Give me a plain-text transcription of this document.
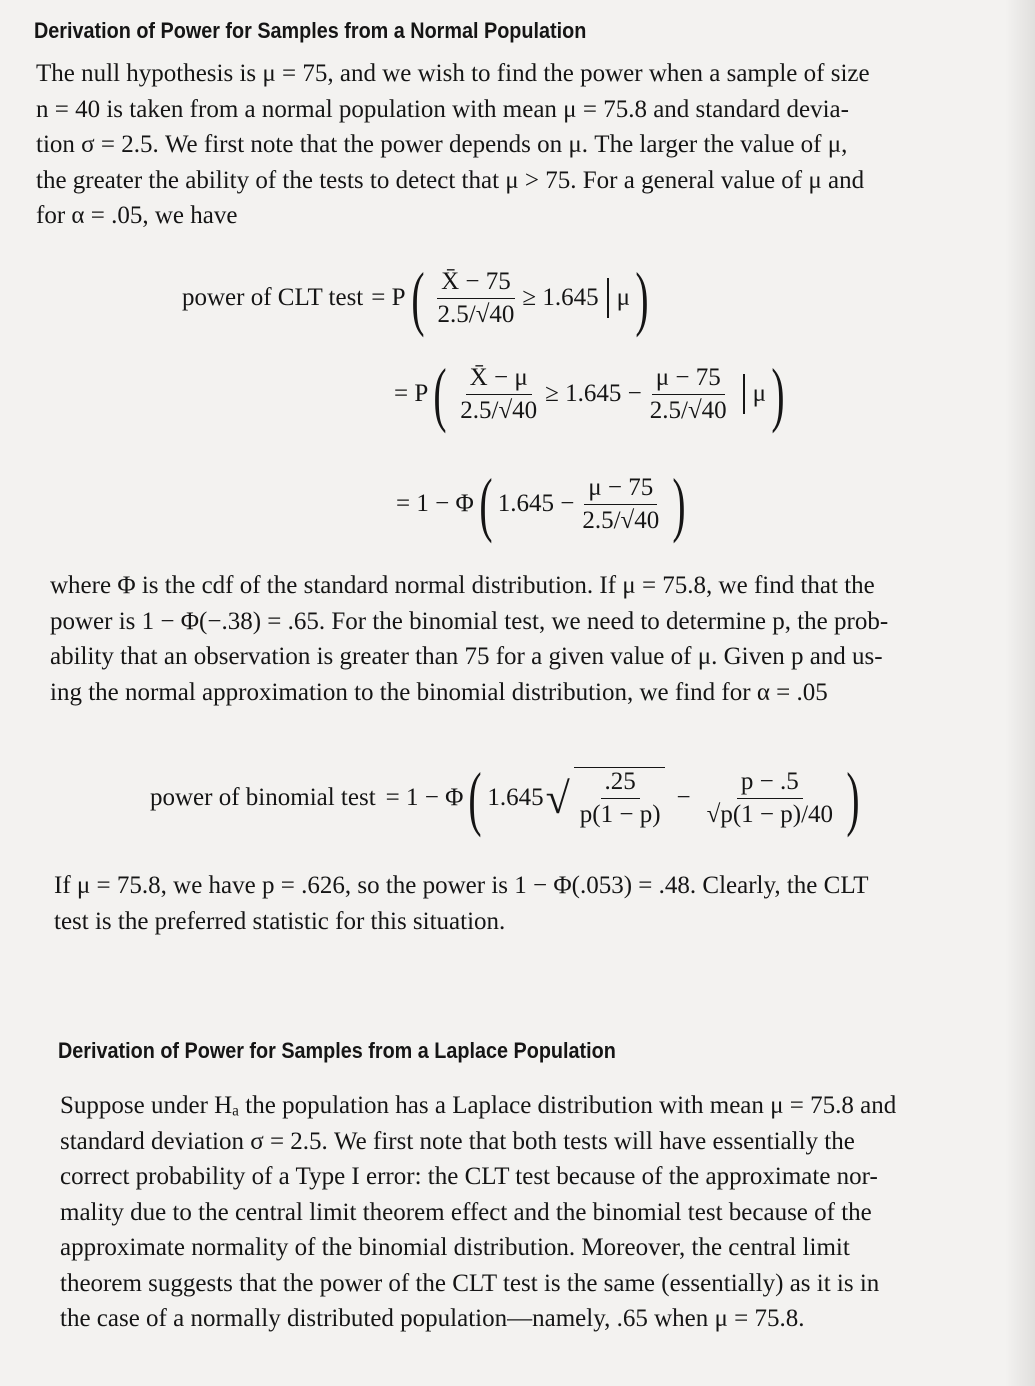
Derivation of Power for Samples from a Normal Population
The null hypothesis is μ = 75, and we wish to find the power when a sample of size
n = 40 is taken from a normal population with mean μ = 75.8 and standard devia-
tion σ = 2.5. We first note that the power depends on μ. The larger the value of μ,
the greater the ability of the tests to detect that μ > 75. For a general value of μ and
for α = .05, we have
power of CLT test = P ( $\frac{X̄ - 75}{2.5/√40} \ge 1.645$ μ )
= P ( $\frac{X̄ - \mu}{2.5/√40} \ge 1.645 - \frac{\mu - 75}{2.5/√40}$ μ )
= 1 − Φ ( $1.645 - \frac{\mu - 75}{2.5/√40}$ )
where Φ is the cdf of the standard normal distribution. If μ = 75.8, we find that the
power is 1 − Φ(−.38) = .65. For the binomial test, we need to determine p, the prob-
ability that an observation is greater than 75 for a given value of μ. Given p and us-
ing the normal approximation to the binomial distribution, we find for α = .05
power of binomial test = 1 − Φ ( 1.645 √ $\frac{.25}{p(1 - p)} - \frac{p - .5}{√p(1 - p)/40}$ )
If μ = 75.8, we have p = .626, so the power is 1 − Φ(.053) = .48. Clearly, the CLT
test is the preferred statistic for this situation.
Derivation of Power for Samples from a Laplace Population
Suppose under Hₐ the population has a Laplace distribution with mean μ = 75.8 and
standard deviation σ = 2.5. We first note that both tests will have essentially the
correct probability of a Type I error: the CLT test because of the approximate nor-
mality due to the central limit theorem effect and the binomial test because of the
approximate normality of the binomial distribution. Moreover, the central limit
theorem suggests that the power of the CLT test is the same (essentially) as it is in
the case of a normally distributed population—namely, .65 when μ = 75.8.
